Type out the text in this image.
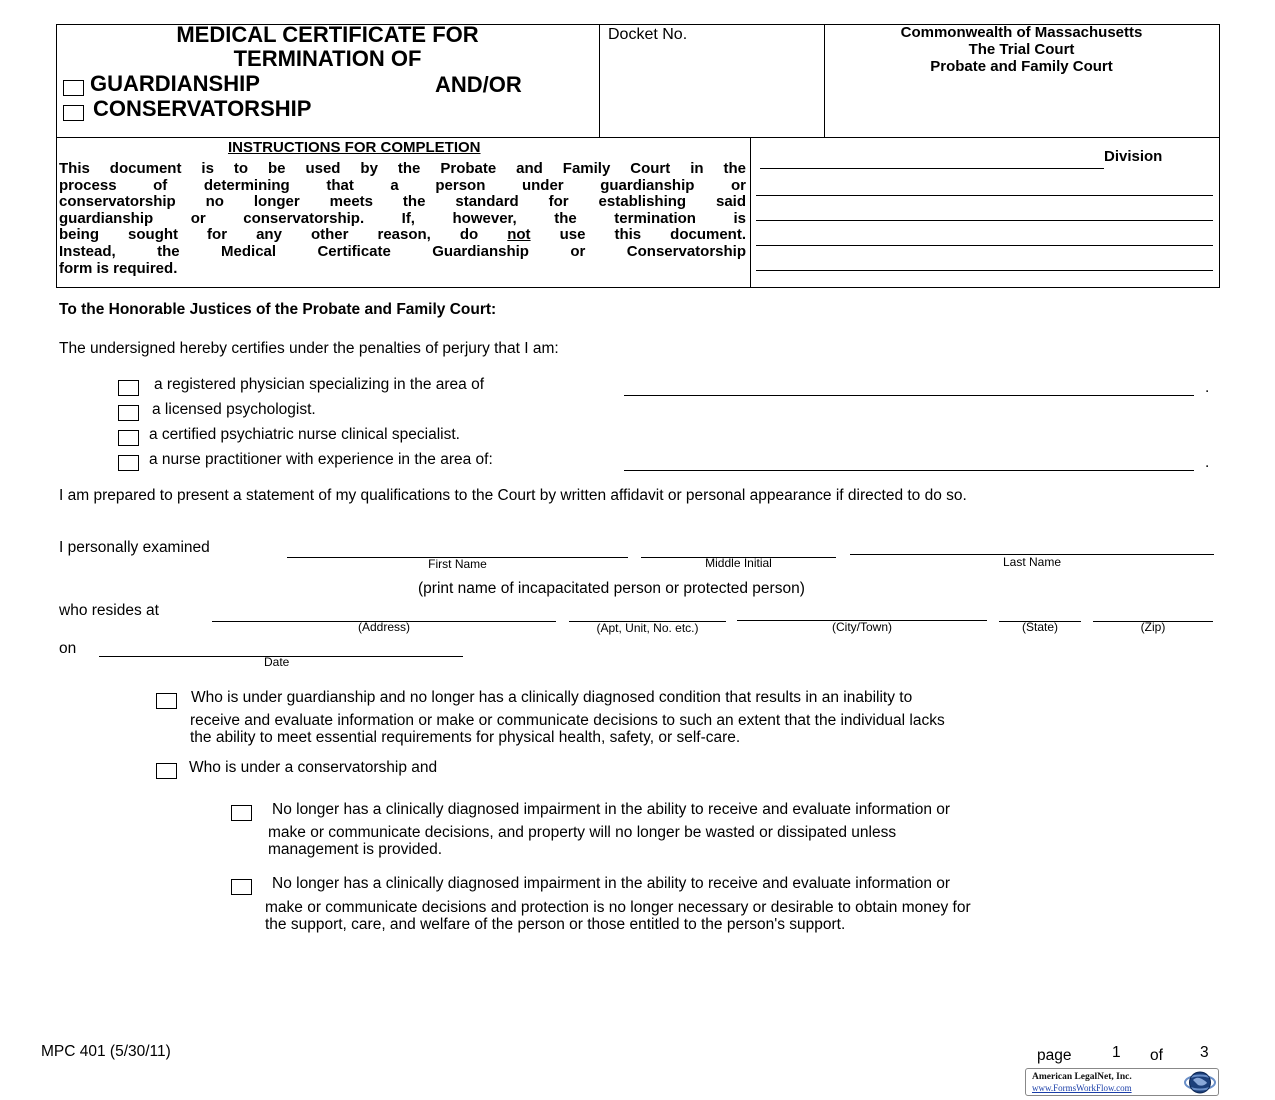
MEDICAL CERTIFICATE FOR
TERMINATION OF
GUARDIANSHIP	AND/OR
CONSERVATORSHIP
Docket No.	Commonwealth of Massachusetts
The Trial Court
Probate and Family Court
INSTRUCTIONS FOR COMPLETION
This document is to be used by the Probate and Family Court in the
process of determining that a person under guardianship or
conservatorship no longer meets the standard for establishing said
guardianship or conservatorship. If, however, the termination is
being sought for any other reason, do not use this document.
Instead, the Medical Certificate Guardianship or Conservatorship
form is required.
Division
To the Honorable Justices of the Probate and Family Court:
The undersigned hereby certifies under the penalties of perjury that I am:
a registered physician specializing in the area of	.
a licensed psychologist.
a certified psychiatric nurse clinical specialist.
a nurse practitioner with experience in the area of:	.
I am prepared to present a statement of my qualifications to the Court by written affidavit or personal appearance if directed to do so.
I personally examined
First Name	Middle Initial	Last Name
(print name of incapacitated person or protected person)
who resides at
(Address)	(Apt, Unit, No. etc.)	(City/Town)	(State)	(Zip)
on
Date
Who is under guardianship and no longer has a clinically diagnosed condition that results in an inability to
receive and evaluate information or make or communicate decisions to such an extent that the individual lacks
the ability to meet essential requirements for physical health, safety, or self-care.
Who is under a conservatorship and
No longer has a clinically diagnosed impairment in the ability to receive and evaluate information or
make or communicate decisions, and property will no longer be wasted or dissipated unless
management is provided.
No longer has a clinically diagnosed impairment in the ability to receive and evaluate information or
make or communicate decisions and protection is no longer necessary or desirable to obtain money for
the support, care, and welfare of the person or those entitled to the person's support.
MPC 401 (5/30/11)	page	1 of 3
American LegalNet, Inc.
www.FormsWorkFlow.com
